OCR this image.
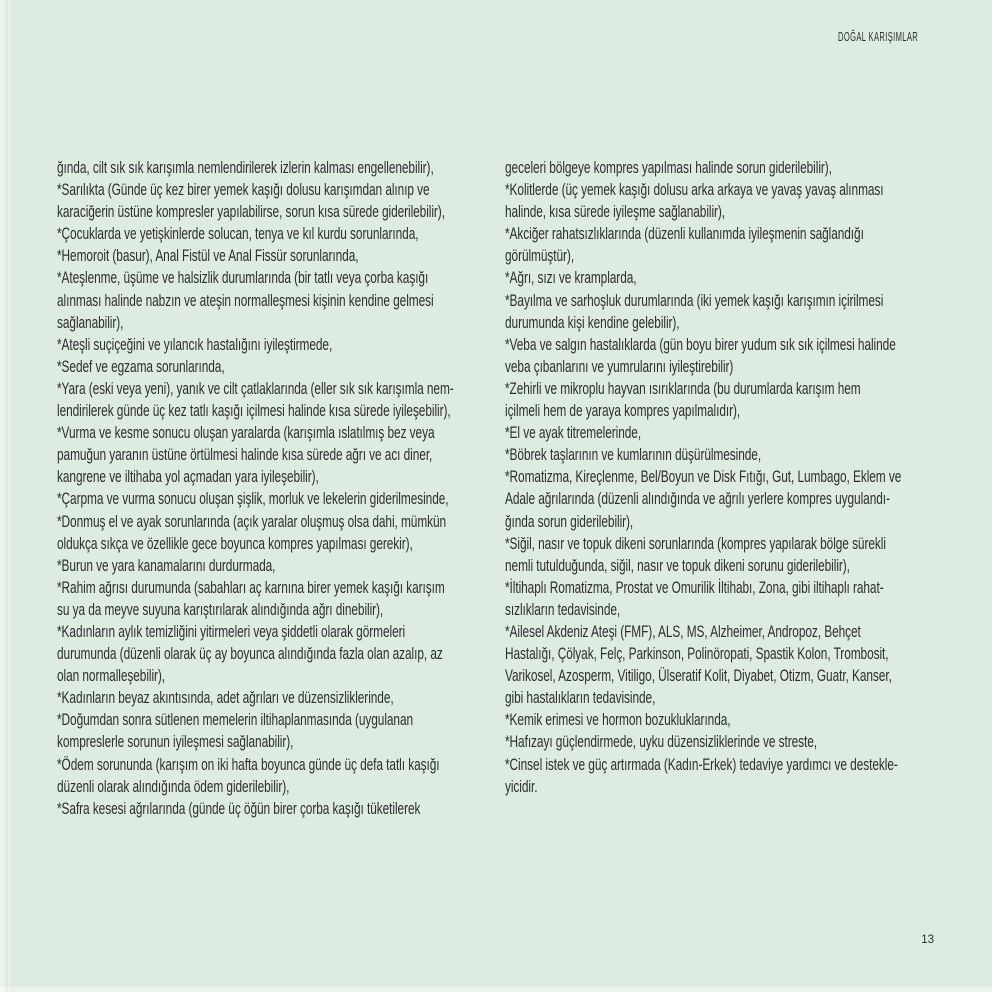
DOĞAL KARIŞIMLAR
ğında, cilt sık sık karışımla nemlendirilerek izlerin kalması engellenebilir),
*Sarılıkta (Günde üç kez birer yemek kaşığı dolusu karışımdan alınıp ve
karaciğerin üstüne kompresler yapılabilirse, sorun kısa sürede giderilebilir),
*Çocuklarda ve yetişkinlerde solucan, tenya ve kıl kurdu sorunlarında,
*Hemoroit (basur), Anal Fistül ve Anal Fissür sorunlarında,
*Ateşlenme, üşüme ve halsizlik durumlarında (bir tatlı veya çorba kaşığı
alınması halinde nabzın ve ateşin normalleşmesi kişinin kendine gelmesi
sağlanabilir),
*Ateşli suçiçeğini ve yılancık hastalığını iyileştirmede,
*Sedef ve egzama sorunlarında,
*Yara (eski veya yeni), yanık ve cilt çatlaklarında (eller sık sık karışımla nem-
lendirilerek günde üç kez tatlı kaşığı içilmesi halinde kısa sürede iyileşebilir),
*Vurma ve kesme sonucu oluşan yaralarda (karışımla ıslatılmış bez veya
pamuğun yaranın üstüne örtülmesi halinde kısa sürede ağrı ve acı diner,
kangrene ve iltihaba yol açmadan yara iyileşebilir),
*Çarpma ve vurma sonucu oluşan şişlik, morluk ve lekelerin giderilmesinde,
*Donmuş el ve ayak sorunlarında (açık yaralar oluşmuş olsa dahi, mümkün
oldukça sıkça ve özellikle gece boyunca kompres yapılması gerekir),
*Burun ve yara kanamalarını durdurmada,
*Rahim ağrısı durumunda (sabahları aç karnına birer yemek kaşığı karışım
su ya da meyve suyuna karıştırılarak alındığında ağrı dinebilir),
*Kadınların aylık temizliğini yitirmeleri veya şiddetli olarak görmeleri
durumunda (düzenli olarak üç ay boyunca alındığında fazla olan azalıp, az
olan normalleşebilir),
*Kadınların beyaz akıntısında, adet ağrıları ve düzensizliklerinde,
*Doğumdan sonra sütlenen memelerin iltihaplanmasında (uygulanan
kompreslerle sorunun iyileşmesi sağlanabilir),
*Ödem sorununda (karışım on iki hafta boyunca günde üç defa tatlı kaşığı
düzenli olarak alındığında ödem giderilebilir),
*Safra kesesi ağrılarında (günde üç öğün birer çorba kaşığı tüketilerek
geceleri bölgeye kompres yapılması halinde sorun giderilebilir),
*Kolitlerde (üç yemek kaşığı dolusu arka arkaya ve yavaş yavaş alınması
halinde, kısa sürede iyileşme sağlanabilir),
*Akciğer rahatsızlıklarında (düzenli kullanımda iyileşmenin sağlandığı
görülmüştür),
*Ağrı, sızı ve kramplarda,
*Bayılma ve sarhoşluk durumlarında (iki yemek kaşığı karışımın içirilmesi
durumunda kişi kendine gelebilir),
*Veba ve salgın hastalıklarda (gün boyu birer yudum sık sık içilmesi halinde
veba çıbanlarını ve yumrularını iyileştirebilir)
*Zehirli ve mikroplu hayvan ısırıklarında (bu durumlarda karışım hem
içilmeli hem de yaraya kompres yapılmalıdır),
*El ve ayak titremelerinde,
*Böbrek taşlarının ve kumlarının düşürülmesinde,
*Romatizma, Kireçlenme, Bel/Boyun ve Disk Fıtığı, Gut, Lumbago, Eklem ve
Adale ağrılarında (düzenli alındığında ve ağrılı yerlere kompres uygulandı-
ğında sorun giderilebilir),
*Siğil, nasır ve topuk dikeni sorunlarında (kompres yapılarak bölge sürekli
nemli tutulduğunda, siğil, nasır ve topuk dikeni sorunu giderilebilir),
*İltihaplı Romatizma, Prostat ve Omurilik İltihabı, Zona, gibi iltihaplı rahat-
sızlıkların tedavisinde,
*Ailesel Akdeniz Ateşi (FMF), ALS, MS, Alzheimer, Andropoz, Behçet
Hastalığı, Çölyak, Felç, Parkinson, Polinöropati, Spastik Kolon, Trombosit,
Varikosel, Azosperm, Vitiligo, Ülseratif Kolit, Diyabet, Otizm, Guatr, Kanser,
gibi hastalıkların tedavisinde,
*Kemik erimesi ve hormon bozukluklarında,
*Hafızayı güçlendirmede, uyku düzensizliklerinde ve streste,
*Cinsel istek ve güç artırmada (Kadın-Erkek) tedaviye yardımcı ve destekle-
yicidir.
13
